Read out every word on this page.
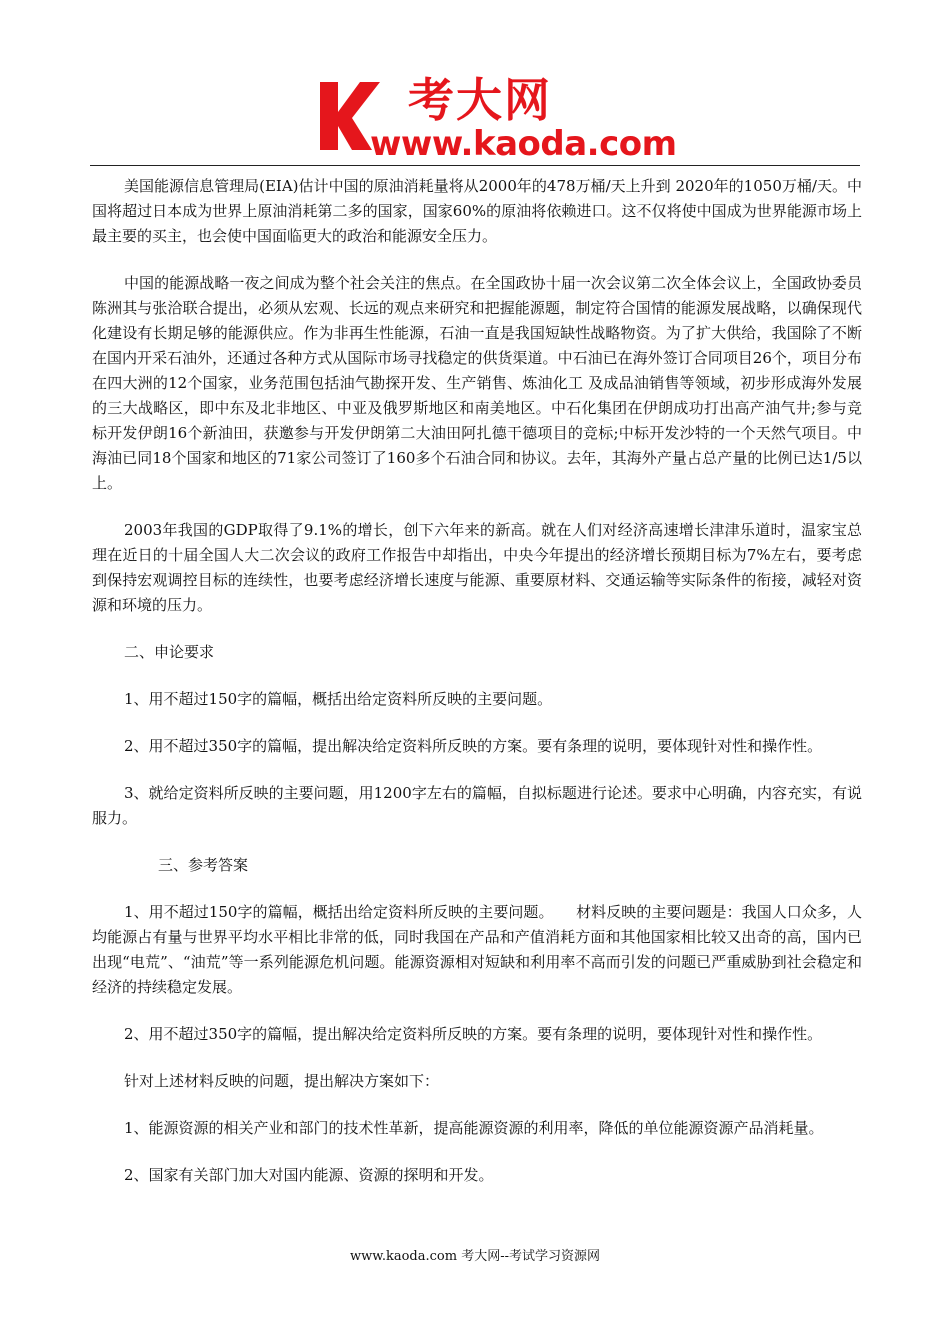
考大网
www.kaoda.com

美国能源信息管理局(EIA)估计中国的原油消耗量将从2000年的478万桶/天上升到 2020年的1050万桶/天。中国将超过日本成为世界上原油消耗第二多的国家，国家60%的原油将依赖进口。这不仅将使中国成为世界能源市场上最主要的买主，也会使中国面临更大的政治和能源安全压力。

中国的能源战略一夜之间成为整个社会关注的焦点。在全国政协十届一次会议第二次全体会议上，全国政协委员陈洲其与张洽联合提出，必须从宏观、长远的观点来研究和把握能源题，制定符合国情的能源发展战略，以确保现代化建设有长期足够的能源供应。作为非再生性能源，石油一直是我国短缺性战略物资。为了扩大供给，我国除了不断在国内开采石油外，还通过各种方式从国际市场寻找稳定的供货渠道。中石油已在海外签订合同项目26个，项目分布在四大洲的12个国家，业务范围包括油气勘探开发、生产销售、炼油化工 及成品油销售等领域，初步形成海外发展的三大战略区，即中东及北非地区、中亚及俄罗斯地区和南美地区。中石化集团在伊朗成功打出高产油气井;参与竞标开发伊朗16个新油田，获邀参与开发伊朗第二大油田阿扎德干德项目的竞标;中标开发沙特的一个天然气项目。中海油已同18个国家和地区的71家公司签订了160多个石油合同和协议。去年，其海外产量占总产量的比例已达1/5以上。

2003年我国的GDP取得了9.1%的增长，创下六年来的新高。就在人们对经济高速增长津津乐道时，温家宝总理在近日的十届全国人大二次会议的政府工作报告中却指出，中央今年提出的经济增长预期目标为7%左右，要考虑到保持宏观调控目标的连续性，也要考虑经济增长速度与能源、重要原材料、交通运输等实际条件的衔接，减轻对资源和环境的压力。

二、申论要求

1、用不超过150字的篇幅，概括出给定资料所反映的主要问题。

2、用不超过350字的篇幅，提出解决给定资料所反映的方案。要有条理的说明，要体现针对性和操作性。

3、就给定资料所反映的主要问题，用1200字左右的篇幅，自拟标题进行论述。要求中心明确，内容充实，有说服力。

三、参考答案

1、用不超过150字的篇幅，概括出给定资料所反映的主要问题。　　材料反映的主要问题是：我国人口众多，人均能源占有量与世界平均水平相比非常的低，同时我国在产品和产值消耗方面和其他国家相比较又出奇的高，国内已出现“电荒”、“油荒”等一系列能源危机问题。能源资源相对短缺和利用率不高而引发的问题已严重威胁到社会稳定和经济的持续稳定发展。

2、用不超过350字的篇幅，提出解决给定资料所反映的方案。要有条理的说明，要体现针对性和操作性。

针对上述材料反映的问题，提出解决方案如下：

1、能源资源的相关产业和部门的技术性革新，提高能源资源的利用率，降低的单位能源资源产品消耗量。

2、国家有关部门加大对国内能源、资源的探明和开发。

www.kaoda.com 考大网--考试学习资源网
